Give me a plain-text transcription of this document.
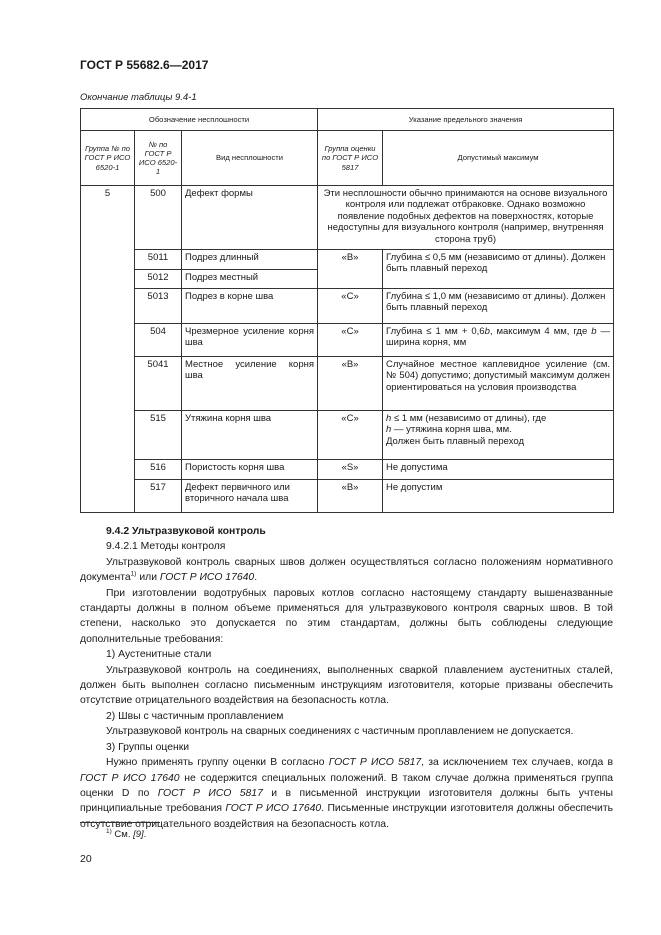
ГОСТ Р 55682.6—2017
Окончание таблицы 9.4-1
Обозначение несплошности			Указание предельного значения	
Группа № по ГОСТ Р ИСО 6520-1	№ по ГОСТ Р ИСО 6520-1	Вид несплошности	Группа оценки по ГОСТ Р ИСО 5817	Допустимый максимум
5	500	Дефект формы	Эти несплошности обычно принимаются на основе визуального контроля или подлежат отбраковке. Однако возможно появление подобных дефектов на поверхностях, которые недоступны для визуального контроля (например, внутренняя сторона труб)	
	5011	Подрез длинный	«B»	Глубина ≤ 0,5 мм (независимо от длины). Должен быть плавный переход
	5012	Подрез местный		
	5013	Подрез в корне шва	«C»	Глубина ≤ 1,0 мм (независимо от длины). Должен быть плавный переход
	504	Чрезмерное усиление корня шва	«C»	Глубина ≤ 1 мм + 0,6b, максимум 4 мм, где b — ширина корня, мм
	5041	Местное усиление корня шва	«B»	Случайное местное каплевидное усиление (см. № 504) допустимо; допустимый максимум должен ориентироваться на условия производства
	515	Утяжина корня шва	«C»	h ≤ 1 мм (независимо от длины), где
h — утяжина корня шва, мм.
Должен быть плавный переход
	516	Пористость корня шва	«S»	Не допустима
	517	Дефект первичного или вторичного начала шва	«B»	Не допустим

9.4.2 Ультразвуковой контроль

9.4.2.1 Методы контроля

Ультразвуковой контроль сварных швов должен осуществляться согласно положениям нормативного документа$^{1)}$ или ГОСТ Р ИСО 17640.

При изготовлении водотрубных паровых котлов согласно настоящему стандарту вышеназванные стандарты должны в полном объеме применяться для ультразвукового контроля сварных швов. В той степени, насколько это допускается по этим стандартам, должны быть соблюдены следующие дополнительные требования:

1) Аустенитные стали

Ультразвуковой контроль на соединениях, выполненных сваркой плавлением аустенитных сталей, должен быть выполнен согласно письменным инструкциям изготовителя, которые призваны обеспечить отсутствие отрицательного воздействия на безопасность котла.

2) Швы с частичным проплавлением

Ультразвуковой контроль на сварных соединениях с частичным проплавлением не допускается.

3) Группы оценки

Нужно применять группу оценки B согласно ГОСТ Р ИСО 5817, за исключением тех случаев, когда в ГОСТ Р ИСО 17640 не содержится специальных положений. В таком случае должна применяться группа оценки D по ГОСТ Р ИСО 5817 и в письменной инструкции изготовителя должны быть учтены принципиальные требования ГОСТ Р ИСО 17640. Письменные инструкции изготовителя должны обеспечить отсутствие отрицательного воздействия на безопасность котла.

$^{1)}$ См. [9].
20
